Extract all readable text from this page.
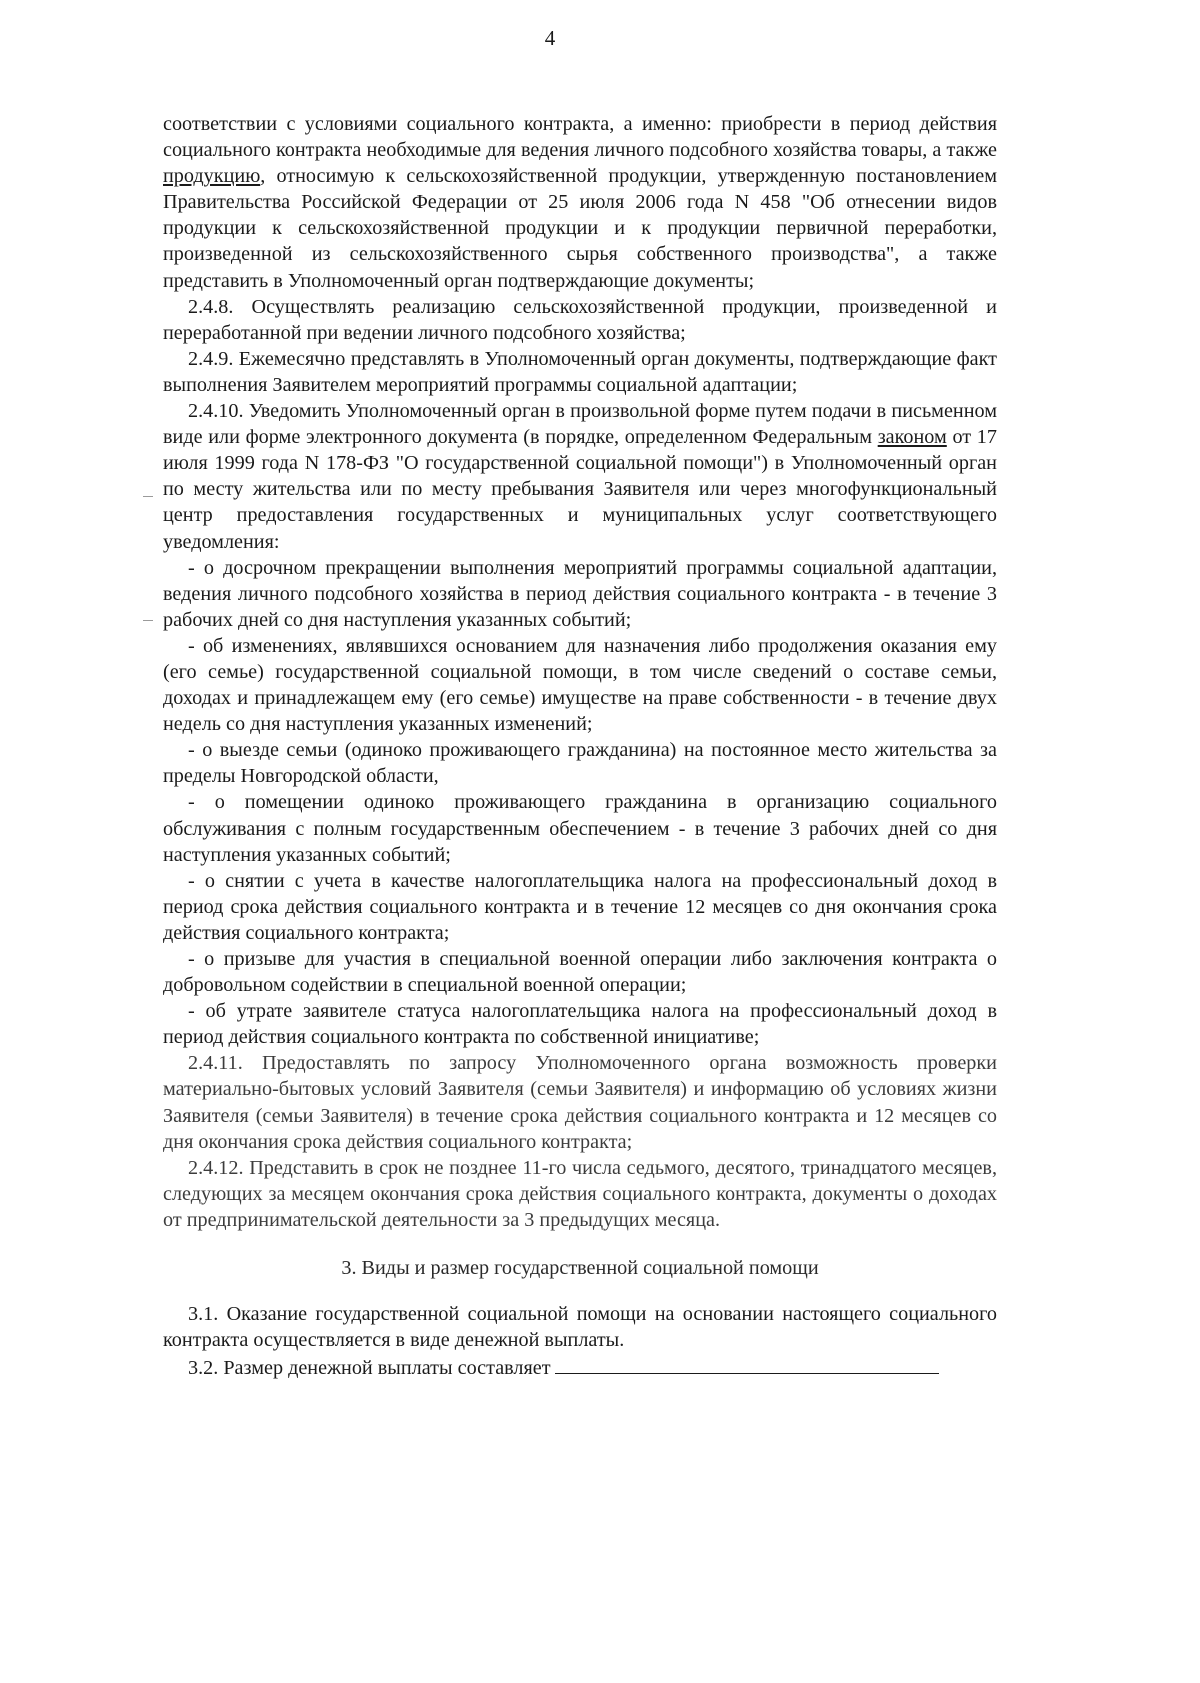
4

соответствии с условиями социального контракта, а именно: приобрести в период действия социального контракта необходимые для ведения личного подсобного хозяйства товары, а также продукцию, относимую к сельскохозяйственной продукции, утвержденную постановлением Правительства Российской Федерации от 25 июля 2006 года N 458 "Об отнесении видов продукции к сельскохозяйственной продукции и к продукции первичной переработки, произведенной из сельскохозяйственного сырья собственного производства", а также представить в Уполномоченный орган подтверждающие документы;

2.4.8. Осуществлять реализацию сельскохозяйственной продукции, произведенной и переработанной при ведении личного подсобного хозяйства;

2.4.9. Ежемесячно представлять в Уполномоченный орган документы, подтверждающие факт выполнения Заявителем мероприятий программы социальной адаптации;

2.4.10. Уведомить Уполномоченный орган в произвольной форме путем подачи в письменном виде или форме электронного документа (в порядке, определенном Федеральным законом от 17 июля 1999 года N 178-ФЗ "О государственной социальной помощи") в Уполномоченный орган по месту жительства или по месту пребывания Заявителя или через многофункциональный центр предоставления государственных и муниципальных услуг соответствующего уведомления:

- о досрочном прекращении выполнения мероприятий программы социальной адаптации, ведения личного подсобного хозяйства в период действия социального контракта - в течение 3 рабочих дней со дня наступления указанных событий;

- об изменениях, являвшихся основанием для назначения либо продолжения оказания ему (его семье) государственной социальной помощи, в том числе сведений о составе семьи, доходах и принадлежащем ему (его семье) имуществе на праве собственности - в течение двух недель со дня наступления указанных изменений;

- о выезде семьи (одиноко проживающего гражданина) на постоянное место жительства за пределы Новгородской области,

- о помещении одиноко проживающего гражданина в организацию социального обслуживания с полным государственным обеспечением - в течение 3 рабочих дней со дня наступления указанных событий;

- о снятии с учета в качестве налогоплательщика налога на профессиональный доход в период срока действия социального контракта и в течение 12 месяцев со дня окончания срока действия социального контракта;

- о призыве для участия в специальной военной операции либо заключения контракта о добровольном содействии в специальной военной операции;

- об утрате заявителе статуса налогоплательщика налога на профессиональный доход в период действия социального контракта по собственной инициативе;

2.4.11. Предоставлять по запросу Уполномоченного органа возможность проверки материально-бытовых условий Заявителя (семьи Заявителя) и информацию об условиях жизни Заявителя (семьи Заявителя) в течение срока действия социального контракта и 12 месяцев со дня окончания срока действия социального контракта;

2.4.12. Представить в срок не позднее 11-го числа седьмого, десятого, тринадцатого месяцев, следующих за месяцем окончания срока действия социального контракта, документы о доходах от предпринимательской деятельности за 3 предыдущих месяца.

3. Виды и размер государственной социальной помощи

3.1. Оказание государственной социальной помощи на основании настоящего социального контракта осуществляется в виде денежной выплаты.

3.2. Размер денежной выплаты составляет
